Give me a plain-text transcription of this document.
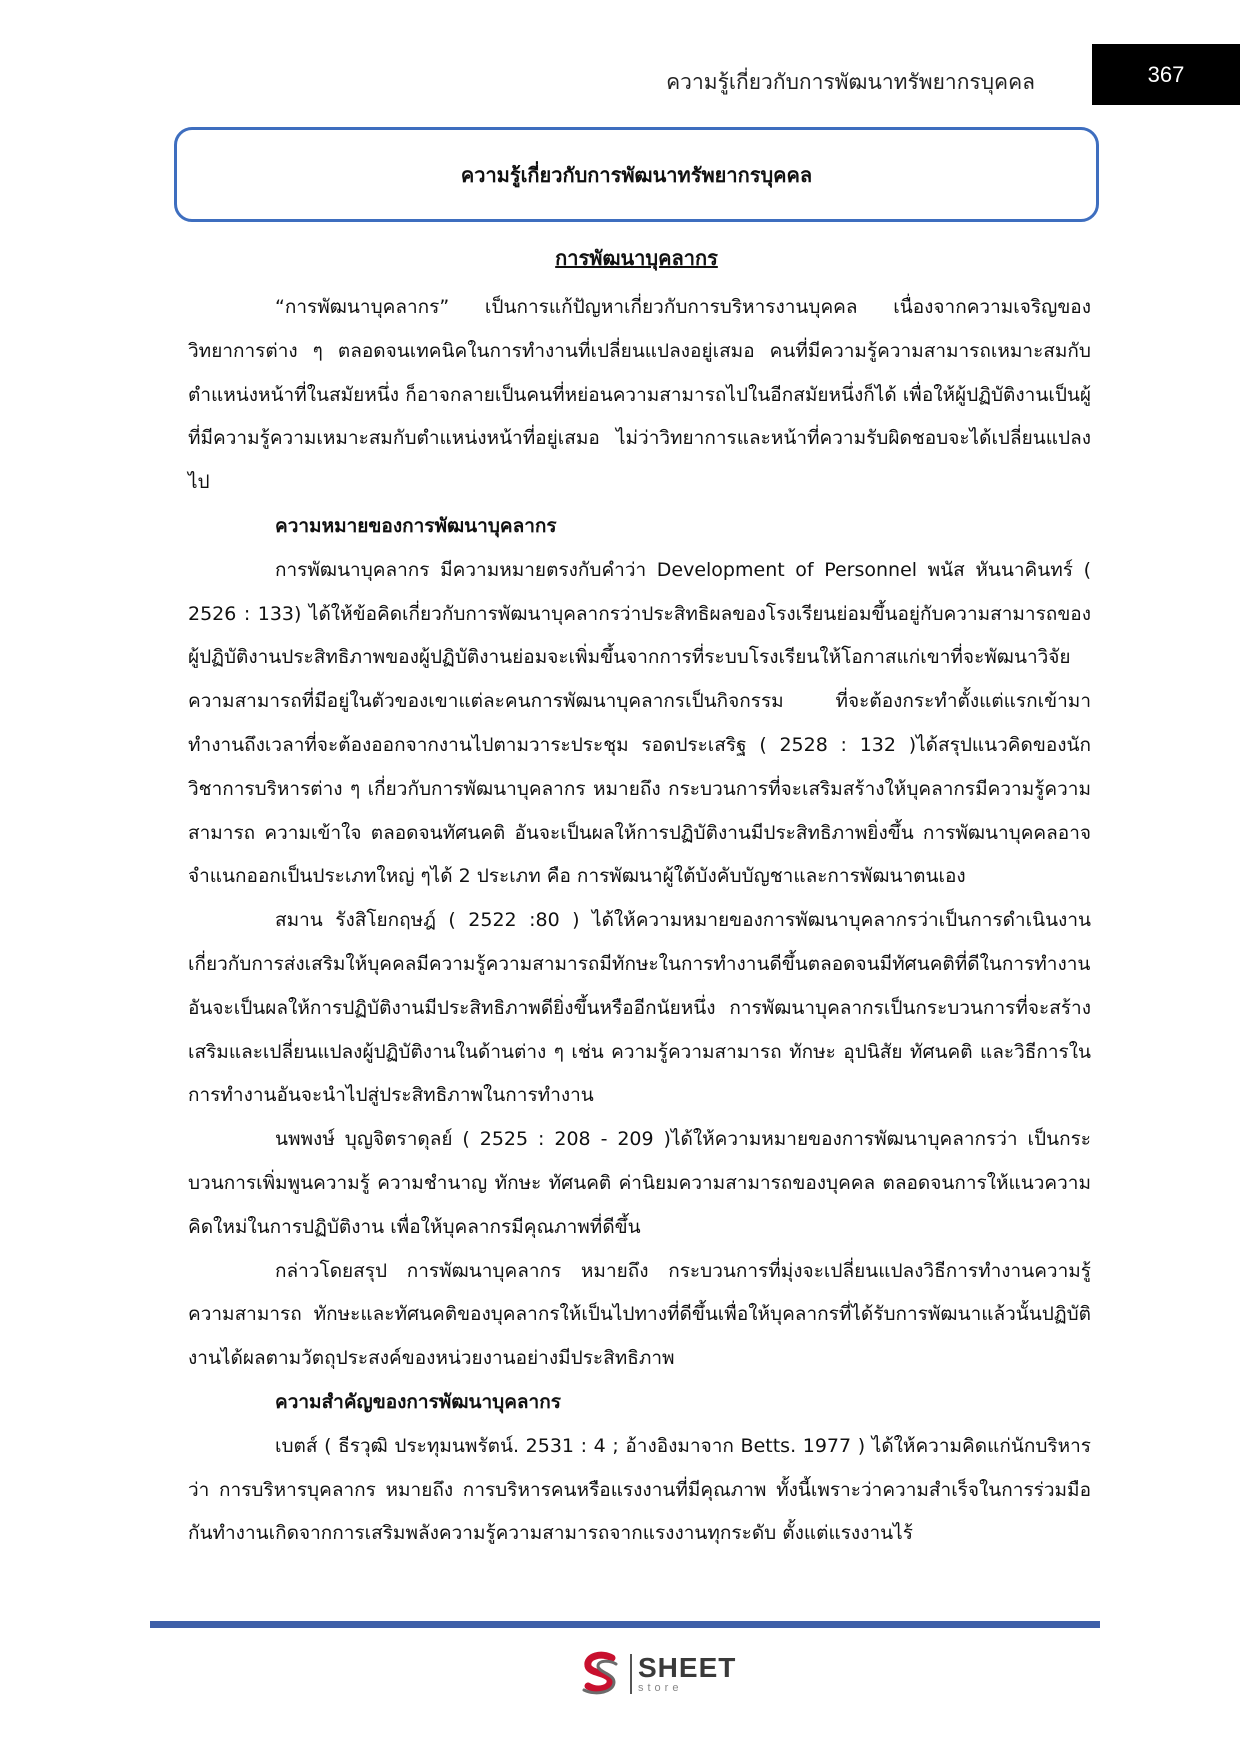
ความรู้เกี่ยวกับการพัฒนาทรัพยากรบุคคล	367
ความรู้เกี่ยวกับการพัฒนาทรัพยากรบุคคล
การพัฒนาบุคลากร

“การพัฒนาบุคลากร” เป็นการแก้ปัญหาเกี่ยวกับการบริหารงานบุคคล เนื่องจากความเจริญของวิทยาการต่าง ๆ ตลอดจนเทคนิคในการทำงานที่เปลี่ยนแปลงอยู่เสมอ คนที่มีความรู้ความสามารถเหมาะสมกับตำแหน่งหน้าที่ในสมัยหนึ่ง ก็อาจกลายเป็นคนที่หย่อนความสามารถไปในอีกสมัยหนึ่งก็ได้ เพื่อให้ผู้ปฏิบัติงานเป็นผู้ที่มีความรู้ความเหมาะสมกับตำแหน่งหน้าที่อยู่เสมอ ไม่ว่าวิทยาการและหน้าที่ความรับผิดชอบจะได้เปลี่ยนแปลงไป

ความหมายของการพัฒนาบุคลากร

การพัฒนาบุคลากร มีความหมายตรงกับคำว่า Development of Personnel พนัส หันนาคินทร์ ( 2526 : 133) ได้ให้ข้อคิดเกี่ยวกับการพัฒนาบุคลากรว่าประสิทธิผลของโรงเรียนย่อมขึ้นอยู่กับความสามารถของผู้ปฏิบัติงานประสิทธิภาพของผู้ปฏิบัติงานย่อมจะเพิ่มขึ้นจากการที่ระบบโรงเรียนให้โอกาสแก่เขาที่จะพัฒนาวิจัยความสามารถที่มีอยู่ในตัวของเขาแต่ละคนการพัฒนาบุคลากรเป็นกิจกรรม ที่จะต้องกระทำตั้งแต่แรกเข้ามาทำงานถึงเวลาที่จะต้องออกจากงานไปตามวาระประชุม รอดประเสริฐ ( 2528 : 132 )ได้สรุปแนวคิดของนักวิชาการบริหารต่าง ๆ เกี่ยวกับการพัฒนาบุคลากร หมายถึง กระบวนการที่จะเสริมสร้างให้บุคลากรมีความรู้ความสามารถ ความเข้าใจ ตลอดจนทัศนคติ อันจะเป็นผลให้การปฏิบัติงานมีประสิทธิภาพยิ่งขึ้น การพัฒนาบุคคลอาจจำแนกออกเป็นประเภทใหญ่ ๆได้ 2 ประเภท คือ การพัฒนาผู้ใต้บังคับบัญชาและการพัฒนาตนเอง

สมาน รังสิโยกฤษฎ์ ( 2522 :80 ) ได้ให้ความหมายของการพัฒนาบุคลากรว่าเป็นการดำเนินงานเกี่ยวกับการส่งเสริมให้บุคคลมีความรู้ความสามารถมีทักษะในการทำงานดีขึ้นตลอดจนมีทัศนคติที่ดีในการทำงานอันจะเป็นผลให้การปฏิบัติงานมีประสิทธิภาพดียิ่งขึ้นหรืออีกนัยหนึ่ง การพัฒนาบุคลากรเป็นกระบวนการที่จะสร้างเสริมและเปลี่ยนแปลงผู้ปฏิบัติงานในด้านต่าง ๆ เช่น ความรู้ความสามารถ ทักษะ อุปนิสัย ทัศนคติ และวิธีการในการทำงานอันจะนำไปสู่ประสิทธิภาพในการทำงาน

นพพงษ์ บุญจิตราดุลย์ ( 2525 : 208 - 209 )ได้ให้ความหมายของการพัฒนาบุคลากรว่า เป็นกระบวนการเพิ่มพูนความรู้ ความชำนาญ ทักษะ ทัศนคติ ค่านิยมความสามารถของบุคคล ตลอดจนการให้แนวความคิดใหม่ในการปฏิบัติงาน เพื่อให้บุคลากรมีคุณภาพที่ดีขึ้น

กล่าวโดยสรุป การพัฒนาบุคลากร หมายถึง กระบวนการที่มุ่งจะเปลี่ยนแปลงวิธีการทำงานความรู้ความสามารถ ทักษะและทัศนคติของบุคลากรให้เป็นไปทางที่ดีขึ้นเพื่อให้บุคลากรที่ได้รับการพัฒนาแล้วนั้นปฏิบัติงานได้ผลตามวัตถุประสงค์ของหน่วยงานอย่างมีประสิทธิภาพ

ความสำคัญของการพัฒนาบุคลากร

เบตส์ ( ธีรวุฒิ ประทุมนพรัตน์. 2531 : 4 ; อ้างอิงมาจาก Betts. 1977 ) ได้ให้ความคิดแก่นักบริหารว่า การบริหารบุคลากร หมายถึง การบริหารคนหรือแรงงานที่มีคุณภาพ ทั้งนี้เพราะว่าความสำเร็จในการร่วมมือกันทำงานเกิดจากการเสริมพลังความรู้ความสามารถจากแรงงานทุกระดับ ตั้งแต่แรงงานไร้

SHEET
store
